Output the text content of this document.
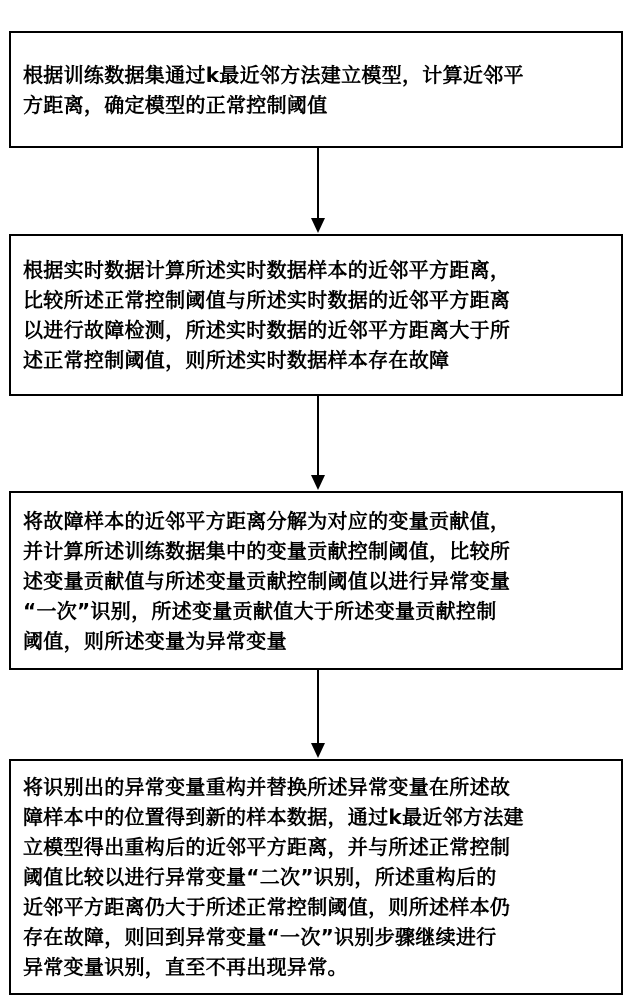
根据训练数据集通过k最近邻方法建立模型，计算近邻平
方距离，确定模型的正常控制阈值

根据实时数据计算所述实时数据样本的近邻平方距离，
比较所述正常控制阈值与所述实时数据的近邻平方距离
以进行故障检测，所述实时数据的近邻平方距离大于所
述正常控制阈值，则所述实时数据样本存在故障

将故障样本的近邻平方距离分解为对应的变量贡献值，
并计算所述训练数据集中的变量贡献控制阈值，比较所
述变量贡献值与所述变量贡献控制阈值以进行异常变量
“一次”识别，所述变量贡献值大于所述变量贡献控制
阈值，则所述变量为异常变量

将识别出的异常变量重构并替换所述异常变量在所述故
障样本中的位置得到新的样本数据，通过k最近邻方法建
立模型得出重构后的近邻平方距离，并与所述正常控制
阈值比较以进行异常变量“二次”识别，所述重构后的
近邻平方距离仍大于所述正常控制阈值，则所述样本仍
存在故障，则回到异常变量“一次”识别步骤继续进行
异常变量识别，直至不再出现异常。
